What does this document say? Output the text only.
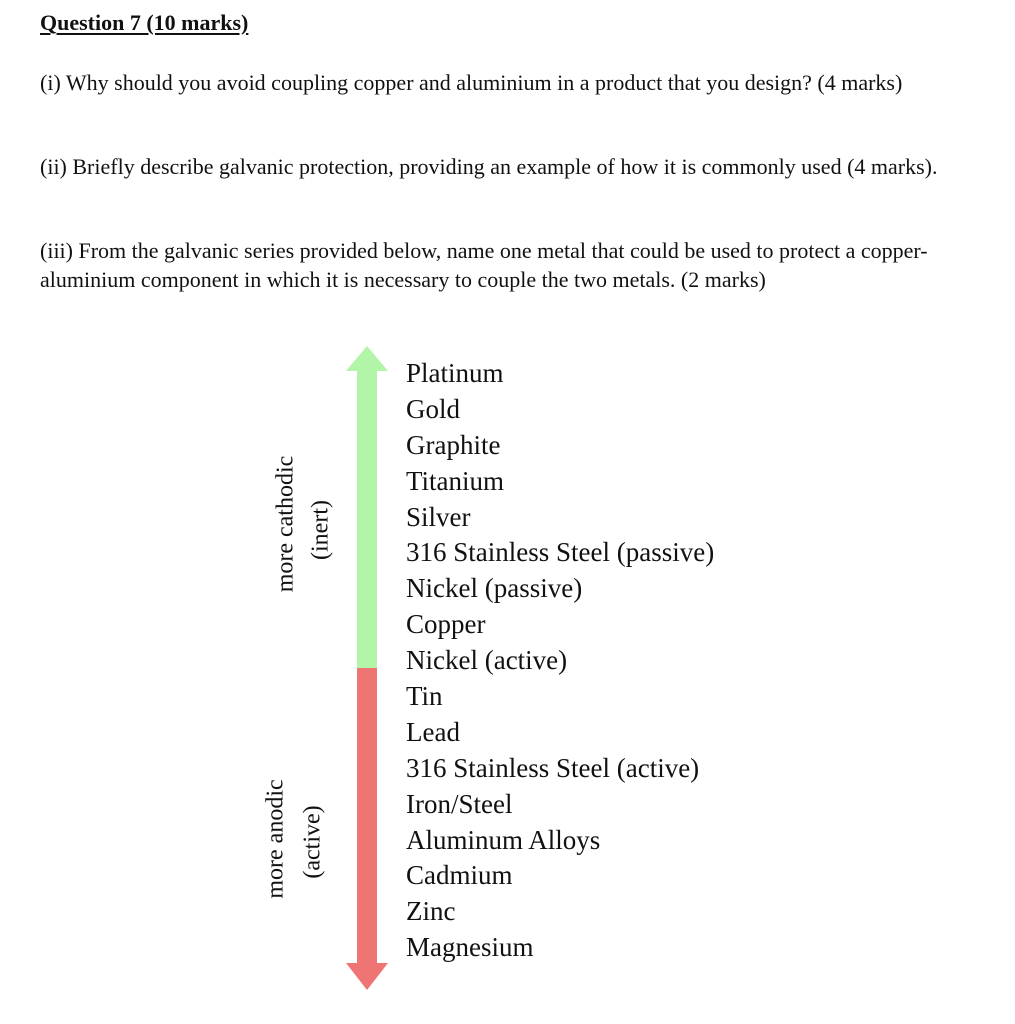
Question 7 (10 marks)

(i) Why should you avoid coupling copper and aluminium in a product that you design? (4 marks)

(ii) Briefly describe galvanic protection, providing an example of how it is commonly used (4 marks).

(iii) From the galvanic series provided below, name one metal that could be used to protect a copper-aluminium component in which it is necessary to couple the two metals. (2 marks)

more cathodic (inert)
more anodic (active)
Platinum
Gold
Graphite
Titanium
Silver
316 Stainless Steel (passive)
Nickel (passive)
Copper
Nickel (active)
Tin
Lead
316 Stainless Steel (active)
Iron/Steel
Aluminum Alloys
Cadmium
Zinc
Magnesium
